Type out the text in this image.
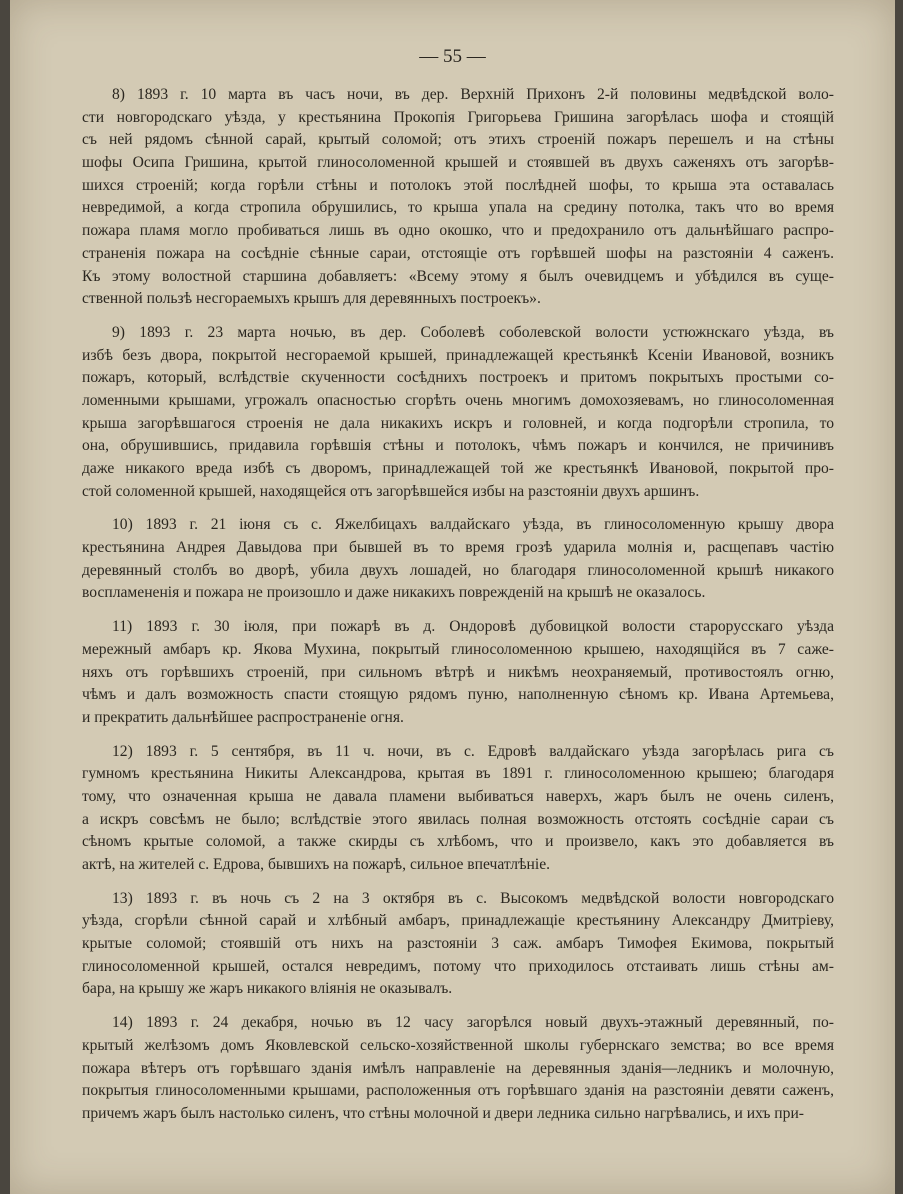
— 55 —
8) 1893 г. 10 марта въ часъ ночи, въ дер. Верхній Прихонъ 2-й половины медвѣдской воло-
сти новгородскаго уѣзда, у крестьянина Прокопія Григорьева Гришина загорѣлась шофа и стоящій
съ ней рядомъ сѣнной сарай, крытый соломой; отъ этихъ строеній пожаръ перешелъ и на стѣны
шофы Осипа Гришина, крытой глиносоломенной крышей и стоявшей въ двухъ саженяхъ отъ загорѣв-
шихся строеній; когда горѣли стѣны и потолокъ этой послѣдней шофы, то крыша эта оставалась
невредимой, а когда стропила обрушились, то крыша упала на средину потолка, такъ что во время
пожара пламя могло пробиваться лишь въ одно окошко, что и предохранило отъ дальнѣйшаго распро-
страненія пожара на сосѣдніе сѣнные сараи, отстоящіе отъ горѣвшей шофы на разстояніи 4 саженъ.
Къ этому волостной старшина добавляетъ: «Всему этому я былъ очевидцемъ и убѣдился въ суще-
ственной пользѣ несгораемыхъ крышъ для деревянныхъ построекъ».
9) 1893 г. 23 марта ночью, въ дер. Соболевѣ соболевской волости устюжнскаго уѣзда, въ
избѣ безъ двора, покрытой несгораемой крышей, принадлежащей крестьянкѣ Ксеніи Ивановой, возникъ
пожаръ, который, вслѣдствіе скученности сосѣднихъ построекъ и притомъ покрытыхъ простыми со-
ломенными крышами, угрожалъ опасностью сгорѣть очень многимъ домохозяевамъ, но глиносоломенная
крыша загорѣвшагося строенія не дала никакихъ искръ и головней, и когда подгорѣли стропила, то
она, обрушившись, придавила горѣвшія стѣны и потолокъ, чѣмъ пожаръ и кончился, не причинивъ
даже никакого вреда избѣ съ дворомъ, принадлежащей той же крестьянкѣ Ивановой, покрытой про-
стой соломенной крышей, находящейся отъ загорѣвшейся избы на разстояніи двухъ аршинъ.
10) 1893 г. 21 іюня съ с. Яжелбицахъ валдайскаго уѣзда, въ глиносоломенную крышу двора
крестьянина Андрея Давыдова при бывшей въ то время грозѣ ударила молнія и, расщепавъ частію
деревянный столбъ во дворѣ, убила двухъ лошадей, но благодаря глиносоломенной крышѣ никакого
воспламененія и пожара не произошло и даже никакихъ поврежденій на крышѣ не оказалось.
11) 1893 г. 30 іюля, при пожарѣ въ д. Ондоровѣ дубовицкой волости старорусскаго уѣзда
мережный амбаръ кр. Якова Мухина, покрытый глиносоломенною крышею, находящійся въ 7 саже-
няхъ отъ горѣвшихъ строеній, при сильномъ вѣтрѣ и никѣмъ неохраняемый, противостоялъ огню,
чѣмъ и далъ возможность спасти стоящую рядомъ пуню, наполненную сѣномъ кр. Ивана Артемьева,
и прекратить дальнѣйшее распространеніе огня.
12) 1893 г. 5 сентября, въ 11 ч. ночи, въ с. Едровѣ валдайскаго уѣзда загорѣлась рига съ
гумномъ крестьянина Никиты Александрова, крытая въ 1891 г. глиносоломенною крышею; благодаря
тому, что означенная крыша не давала пламени выбиваться наверхъ, жаръ былъ не очень силенъ,
а искръ совсѣмъ не было; вслѣдствіе этого явилась полная возможность отстоять сосѣдніе сараи съ
сѣномъ крытые соломой, а также скирды съ хлѣбомъ, что и произвело, какъ это добавляется въ
актѣ, на жителей с. Едрова, бывшихъ на пожарѣ, сильное впечатлѣніе.
13) 1893 г. въ ночь съ 2 на 3 октября въ с. Высокомъ медвѣдской волости новгородскаго
уѣзда, сгорѣли сѣнной сарай и хлѣбный амбаръ, принадлежащіе крестьянину Александру Дмитріеву,
крытые соломой; стоявшій отъ нихъ на разстояніи 3 саж. амбаръ Тимофея Екимова, покрытый
глиносоломенной крышей, остался невредимъ, потому что приходилось отстаивать лишь стѣны ам-
бара, на крышу же жаръ никакого вліянія не оказывалъ.
14) 1893 г. 24 декабря, ночью въ 12 часу загорѣлся новый двухъ-этажный деревянный, по-
крытый желѣзомъ домъ Яковлевской сельско-хозяйственной школы губернскаго земства; во все время
пожара вѣтеръ отъ горѣвшаго зданія имѣлъ направленіе на деревянныя зданія—ледникъ и молочную,
покрытыя глиносоломенными крышами, расположенныя отъ горѣвшаго зданія на разстояніи девяти саженъ,
причемъ жаръ былъ настолько силенъ, что стѣны молочной и двери ледника сильно нагрѣвались, и ихъ при-
